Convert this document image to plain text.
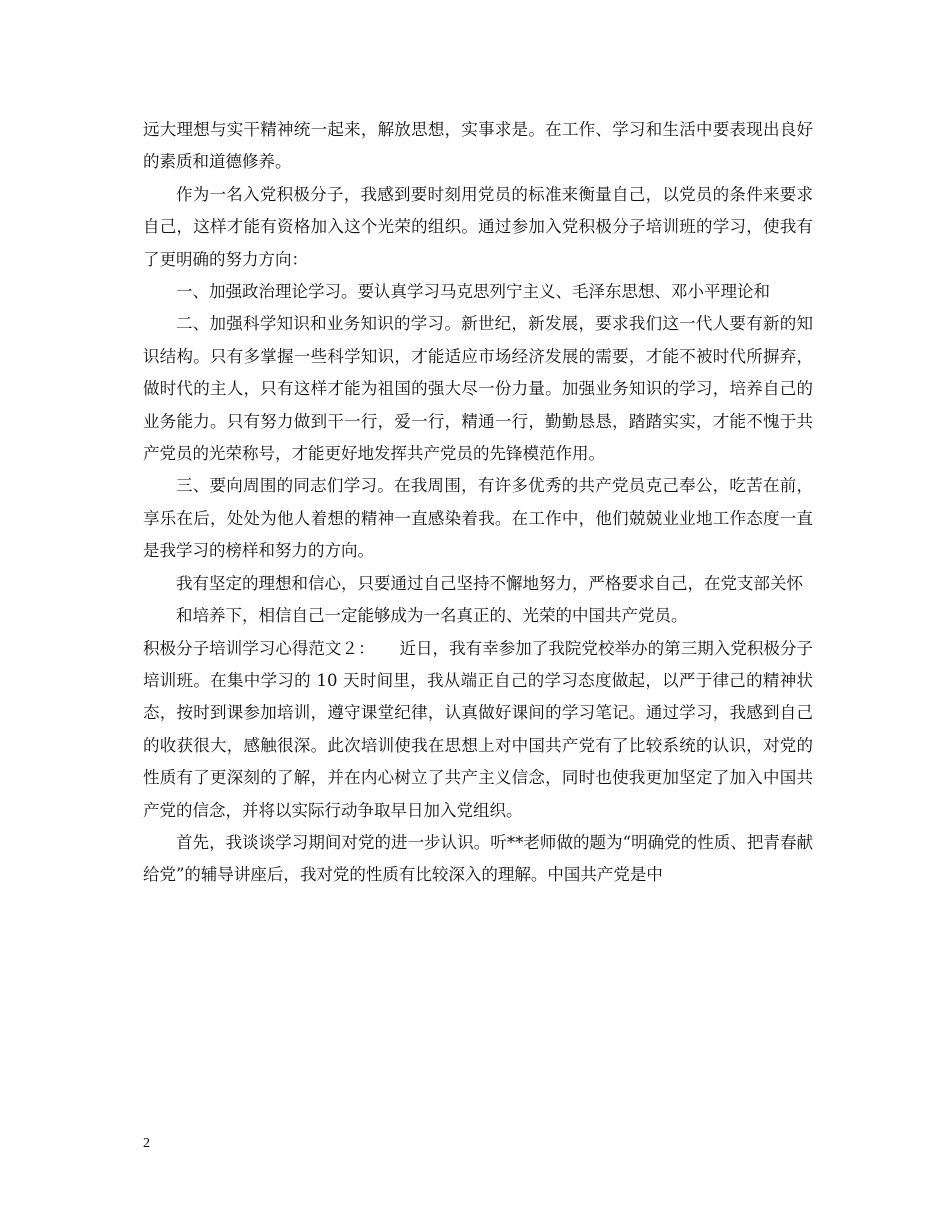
远大理想与实干精神统一起来，解放思想，实事求是。在工作、学习和生活中要表现出良好的素质和道德修养。

作为一名入党积极分子，我感到要时刻用党员的标准来衡量自己，以党员的条件来要求自己，这样才能有资格加入这个光荣的组织。通过参加入党积极分子培训班的学习，使我有了更明确的努力方向：

一、加强政治理论学习。要认真学习马克思列宁主义、毛泽东思想、邓小平理论和

二、加强科学知识和业务知识的学习。新世纪，新发展，要求我们这一代人要有新的知识结构。只有多掌握一些科学知识，才能适应市场经济发展的需要，才能不被时代所摒弃，做时代的主人，只有这样才能为祖国的强大尽一份力量。加强业务知识的学习，培养自己的业务能力。只有努力做到干一行，爱一行，精通一行，勤勤恳恳，踏踏实实，才能不愧于共产党员的光荣称号，才能更好地发挥共产党员的先锋模范作用。

三、要向周围的同志们学习。在我周围，有许多优秀的共产党员克己奉公，吃苦在前，享乐在后，处处为他人着想的精神一直感染着我。在工作中，他们兢兢业业地工作态度一直是我学习的榜样和努力的方向。

我有坚定的理想和信心，只要通过自己坚持不懈地努力，严格要求自己，在党支部关怀

和培养下，相信自己一定能够成为一名真正的、光荣的中国共产党员。

积极分子培训学习心得范文２：　　近日，我有幸参加了我院党校举办的第三期入党积极分子培训班。在集中学习的 10 天时间里，我从端正自己的学习态度做起，以严于律己的精神状态，按时到课参加培训，遵守课堂纪律，认真做好课间的学习笔记。通过学习，我感到自己的收获很大，感触很深。此次培训使我在思想上对中国共产党有了比较系统的认识，对党的性质有了更深刻的了解，并在内心树立了共产主义信念，同时也使我更加坚定了加入中国共产党的信念，并将以实际行动争取早日加入党组织。

首先，我谈谈学习期间对党的进一步认识。听**老师做的题为“明确党的性质、把青春献给党”的辅导讲座后，我对党的性质有比较深入的理解。中国共产党是中

2
